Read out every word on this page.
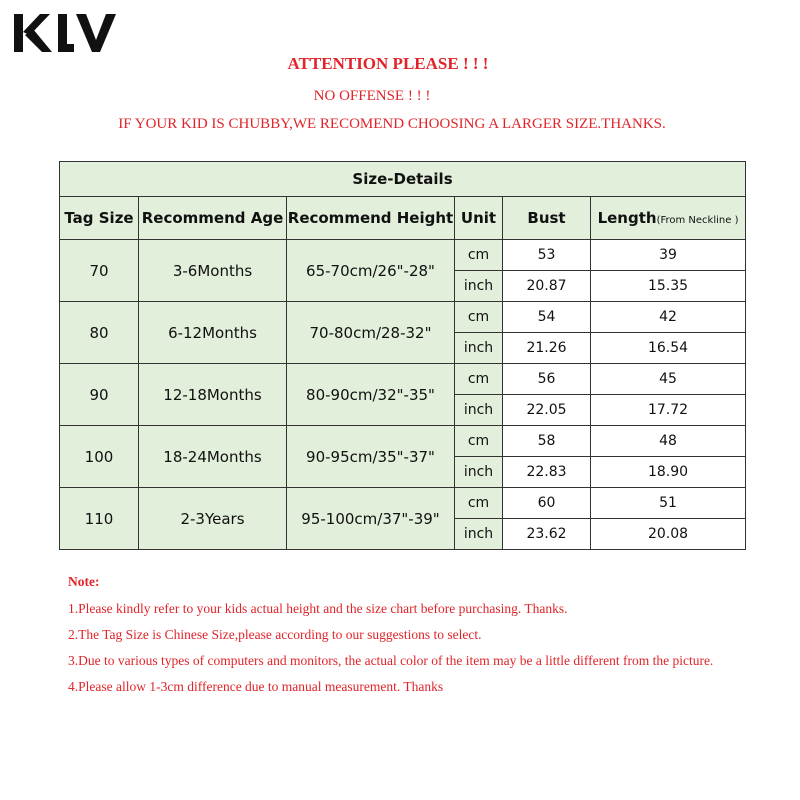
ATTENTION PLEASE ! ! !
NO OFFENSE ! ! !
IF YOUR KID IS CHUBBY,WE RECOMEND CHOOSING A LARGER SIZE.THANKS.
Size-Details					
Tag Size	Recommend Age	Recommend Height	Unit	Bust	Length(From Neckline )
70	3-6Months	65-70cm/26"-28"	cm	53	39
			inch	20.87	15.35
80	6-12Months	70-80cm/28-32"	cm	54	42
			inch	21.26	16.54
90	12-18Months	80-90cm/32"-35"	cm	56	45
			inch	22.05	17.72
100	18-24Months	90-95cm/35"-37"	cm	58	48
			inch	22.83	18.90
110	2-3Years	95-100cm/37"-39"	cm	60	51
			inch	23.62	20.08
Note:
1.Please kindly refer to your kids actual height and the size chart before purchasing. Thanks.
2.The Tag Size is Chinese Size,please according to our suggestions to select.
3.Due to various types of computers and monitors, the actual color of the item may be a little different from the picture.
4.Please allow 1-3cm difference due to manual measurement. Thanks
